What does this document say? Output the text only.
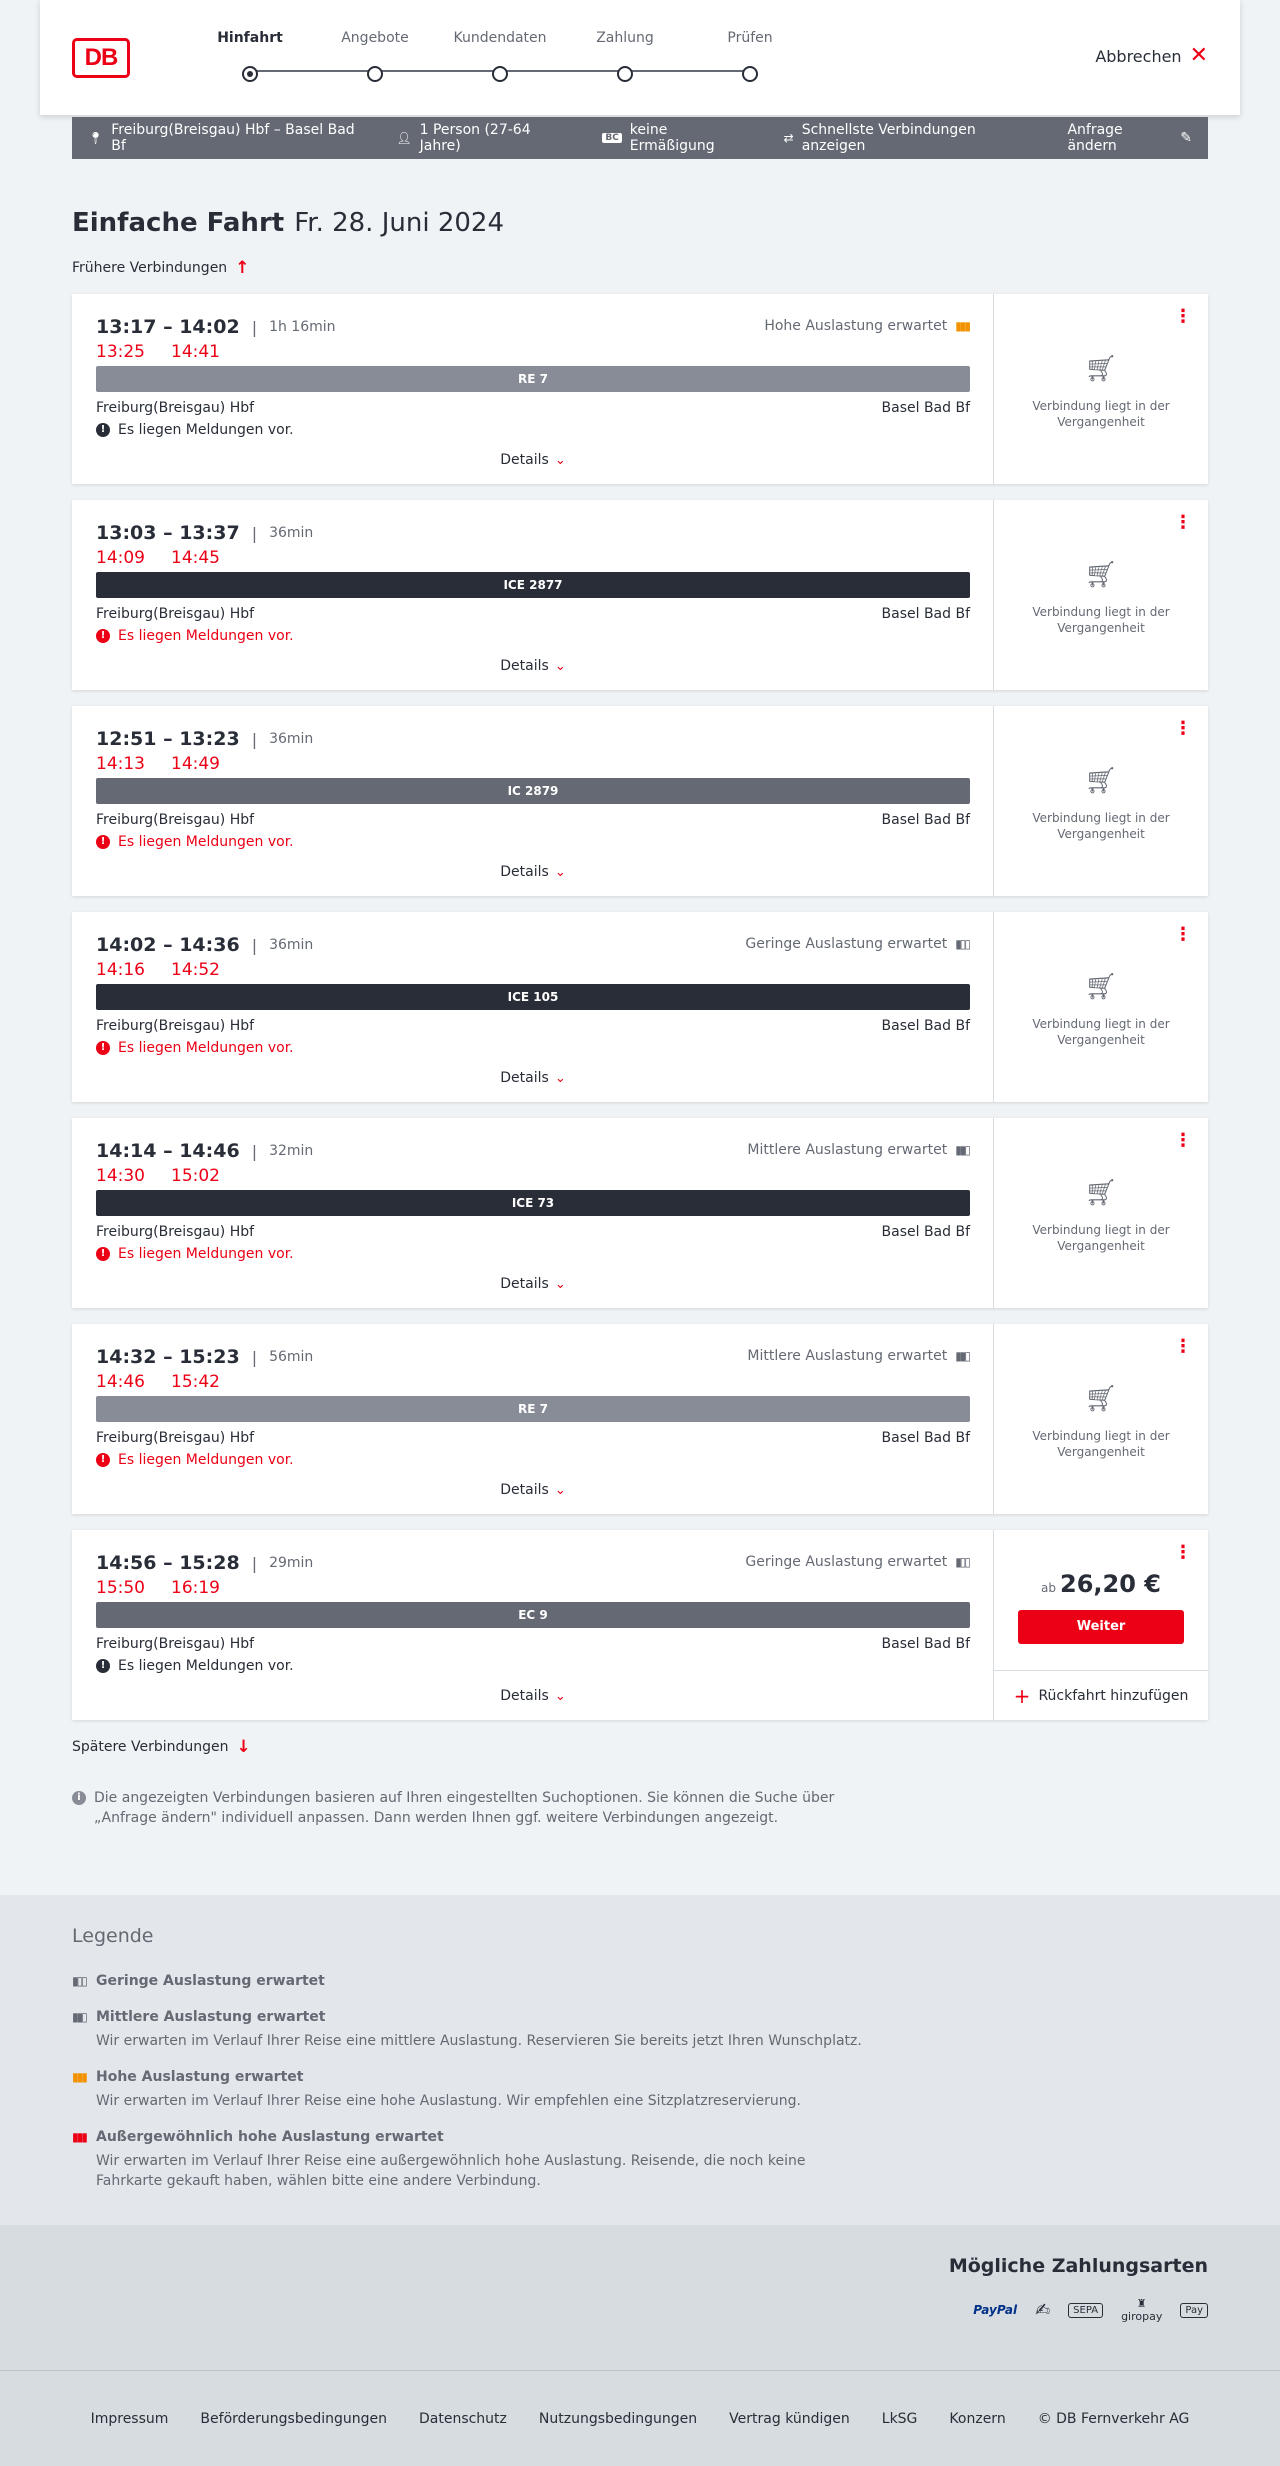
DB
Hinfahrt	Angebote	Kundendaten	Zahlung	Prüfen
Abbrechen ✕
📍︎ Freiburg(Breisgau) Hbf – Basel Bad Bf	👤︎ 1 Person (27-64 Jahre)	BC keine Ermäßigung	⇄ Schnellste Verbindungen anzeigen
Anfrage ändern	✎
Einfache Fahrt Fr. 28. Juni 2024
Frühere Verbindungen ↑
13:17 – 14:02 | 1h 16min
13:25 14:41
Hohe Auslastung erwartet ▮▮▮
RE 7
Freiburg(Breisgau) Hbf	Basel Bad Bf
! Es liegen Meldungen vor.
Details ⌄
⋮
🛒︎
Verbindung liegt in der Vergangenheit
13:03 – 13:37 | 36min
14:09 14:45
ICE 2877
Freiburg(Breisgau) Hbf	Basel Bad Bf
! Es liegen Meldungen vor.
Details ⌄
⋮
🛒︎
Verbindung liegt in der Vergangenheit
12:51 – 13:23 | 36min
14:13 14:49
IC 2879
Freiburg(Breisgau) Hbf	Basel Bad Bf
! Es liegen Meldungen vor.
Details ⌄
⋮
🛒︎
Verbindung liegt in der Vergangenheit
14:02 – 14:36 | 36min
14:16 14:52
Geringe Auslastung erwartet ▮▯▯
ICE 105
Freiburg(Breisgau) Hbf	Basel Bad Bf
! Es liegen Meldungen vor.
Details ⌄
⋮
🛒︎
Verbindung liegt in der Vergangenheit
14:14 – 14:46 | 32min
14:30 15:02
Mittlere Auslastung erwartet ▮▮▯
ICE 73
Freiburg(Breisgau) Hbf	Basel Bad Bf
! Es liegen Meldungen vor.
Details ⌄
⋮
🛒︎
Verbindung liegt in der Vergangenheit
14:32 – 15:23 | 56min
14:46 15:42
Mittlere Auslastung erwartet ▮▮▯
RE 7
Freiburg(Breisgau) Hbf	Basel Bad Bf
! Es liegen Meldungen vor.
Details ⌄
⋮
🛒︎
Verbindung liegt in der Vergangenheit
14:56 – 15:28 | 29min
15:50 16:19
Geringe Auslastung erwartet ▮▯▯
EC 9
Freiburg(Breisgau) Hbf	Basel Bad Bf
! Es liegen Meldungen vor.
Details ⌄
⋮
ab 26,20 €
Weiter
+ Rückfahrt hinzufügen
Spätere Verbindungen ↓
i Die angezeigten Verbindungen basieren auf Ihren eingestellten Suchoptionen. Sie können die Suche über „Anfrage ändern" individuell anpassen. Dann werden Ihnen ggf. weitere Verbindungen angezeigt.
Legende
▮▯▯ Geringe Auslastung erwartet
▮▮▯ Mittlere Auslastung erwartet
Wir erwarten im Verlauf Ihrer Reise eine mittlere Auslastung. Reservieren Sie bereits jetzt Ihren Wunschplatz.
▮▮▮ Hohe Auslastung erwartet
Wir erwarten im Verlauf Ihrer Reise eine hohe Auslastung. Wir empfehlen eine Sitzplatzreservierung.
▮▮▮ Außergewöhnlich hohe Auslastung erwartet
Wir erwarten im Verlauf Ihrer Reise eine außergewöhnlich hohe Auslastung. Reisende, die noch keine Fahrkarte gekauft haben, wählen bitte eine andere Verbindung.
Mögliche Zahlungsarten
PayPal ✍	SEPA	♜
giropay	Pay
Impressum Beförderungsbedingungen Datenschutz Nutzungsbedingungen Vertrag kündigen LkSG Konzern © DB Fernverkehr AG
